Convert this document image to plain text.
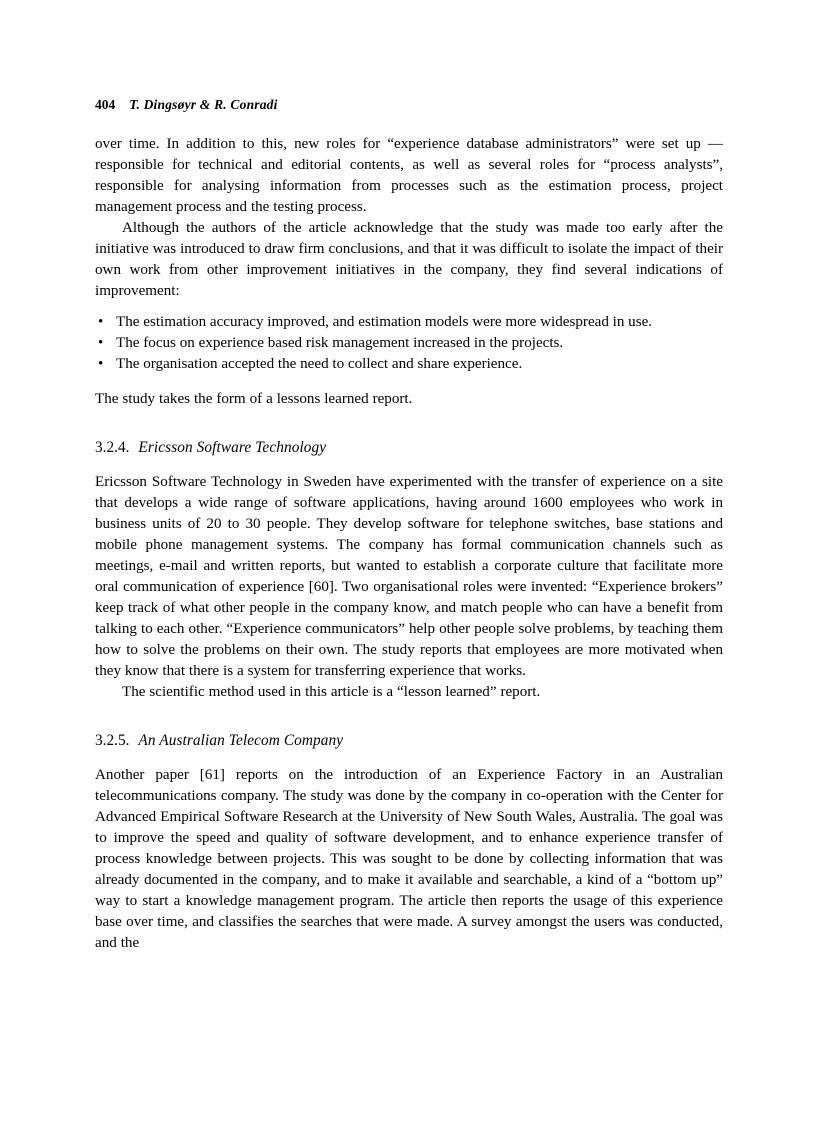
404 T. Dingsøyr & R. Conradi

over time. In addition to this, new roles for “experience database administrators” were set up — responsible for technical and editorial contents, as well as several roles for “process analysts”, responsible for analysing information from processes such as the estimation process, project management process and the testing process.

Although the authors of the article acknowledge that the study was made too early after the initiative was introduced to draw firm conclusions, and that it was difficult to isolate the impact of their own work from other improvement initiatives in the company, they find several indications of improvement:

• The estimation accuracy improved, and estimation models were more widespread in use.
• The focus on experience based risk management increased in the projects.
• The organisation accepted the need to collect and share experience.

The study takes the form of a lessons learned report.

3.2.4. Ericsson Software Technology

Ericsson Software Technology in Sweden have experimented with the transfer of experience on a site that develops a wide range of software applications, having around 1600 employees who work in business units of 20 to 30 people. They develop software for telephone switches, base stations and mobile phone management systems. The company has formal communication channels such as meetings, e-mail and written reports, but wanted to establish a corporate culture that facilitate more oral communication of experience [60]. Two organisational roles were invented: “Experience brokers” keep track of what other people in the company know, and match people who can have a benefit from talking to each other. “Experience communicators” help other people solve problems, by teaching them how to solve the problems on their own. The study reports that employees are more motivated when they know that there is a system for transferring experience that works.

The scientific method used in this article is a “lesson learned” report.

3.2.5. An Australian Telecom Company

Another paper [61] reports on the introduction of an Experience Factory in an Australian telecommunications company. The study was done by the company in co-operation with the Center for Advanced Empirical Software Research at the University of New South Wales, Australia. The goal was to improve the speed and quality of software development, and to enhance experience transfer of process knowledge between projects. This was sought to be done by collecting information that was already documented in the company, and to make it available and searchable, a kind of a “bottom up” way to start a knowledge management program. The article then reports the usage of this experience base over time, and classifies the searches that were made. A survey amongst the users was conducted, and the
